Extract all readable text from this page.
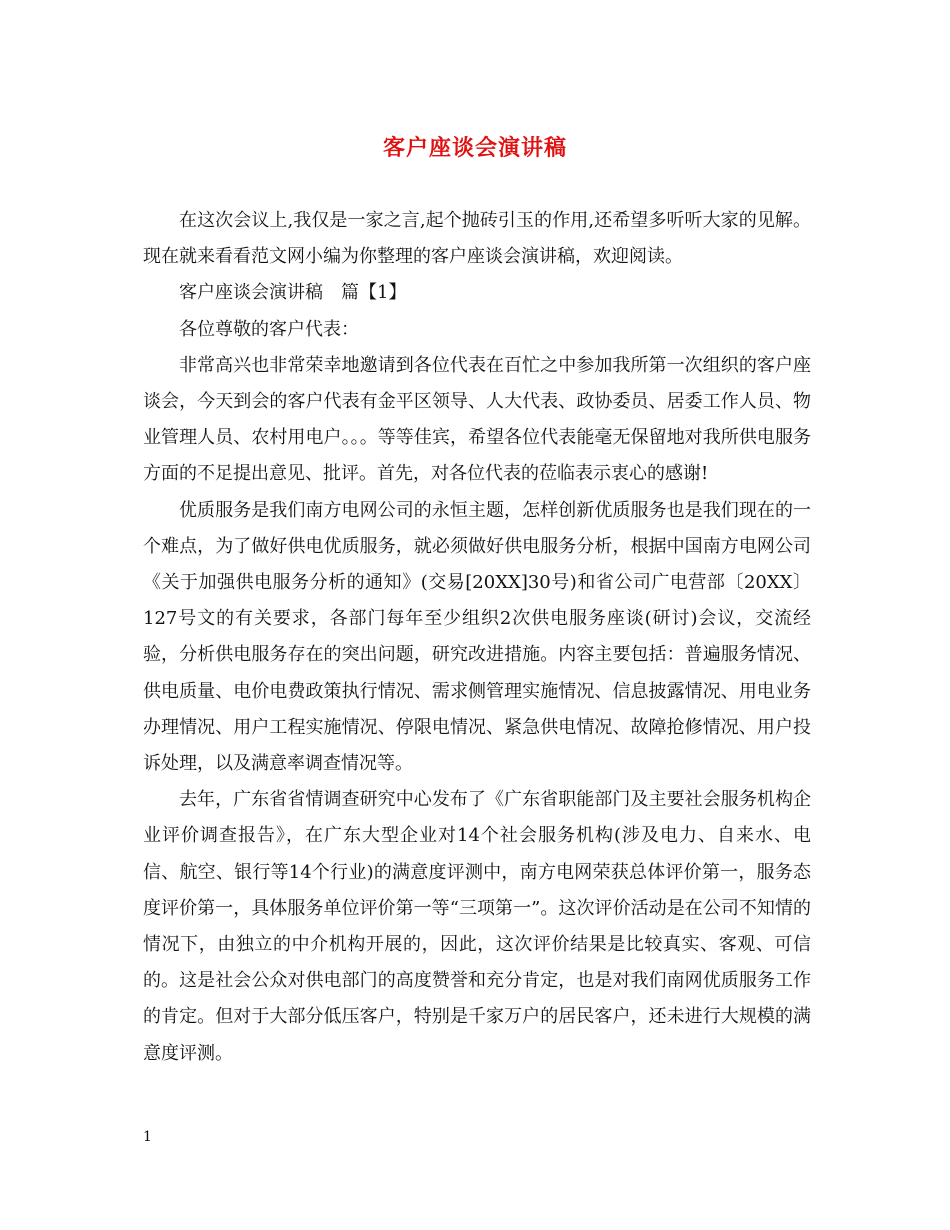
客户座谈会演讲稿

在这次会议上,我仅是一家之言,起个抛砖引玉的作用,还希望多听听大家的见解。现在就来看看范文网小编为你整理的客户座谈会演讲稿，欢迎阅读。

客户座谈会演讲稿　篇【1】

各位尊敬的客户代表：

非常高兴也非常荣幸地邀请到各位代表在百忙之中参加我所第一次组织的客户座谈会，今天到会的客户代表有金平区领导、人大代表、政协委员、居委工作人员、物业管理人员、农村用电户。。。等等佳宾，希望各位代表能毫无保留地对我所供电服务方面的不足提出意见、批评。首先，对各位代表的莅临表示衷心的感谢!

优质服务是我们南方电网公司的永恒主题，怎样创新优质服务也是我们现在的一个难点，为了做好供电优质服务，就必须做好供电服务分析，根据中国南方电网公司《关于加强供电服务分析的通知》(交易[20XX]30号)和省公司广电营部〔20XX〕127号文的有关要求，各部门每年至少组织2次供电服务座谈(研讨)会议，交流经验，分析供电服务存在的突出问题，研究改进措施。内容主要包括：普遍服务情况、供电质量、电价电费政策执行情况、需求侧管理实施情况、信息披露情况、用电业务办理情况、用户工程实施情况、停限电情况、紧急供电情况、故障抢修情况、用户投诉处理，以及满意率调查情况等。

去年，广东省省情调查研究中心发布了《广东省职能部门及主要社会服务机构企业评价调查报告》，在广东大型企业对14个社会服务机构(涉及电力、自来水、电信、航空、银行等14个行业)的满意度评测中，南方电网荣获总体评价第一，服务态度评价第一，具体服务单位评价第一等“三项第一”。这次评价活动是在公司不知情的情况下，由独立的中介机构开展的，因此，这次评价结果是比较真实、客观、可信的。这是社会公众对供电部门的高度赞誉和充分肯定，也是对我们南网优质服务工作的肯定。但对于大部分低压客户，特别是千家万户的居民客户，还未进行大规模的满意度评测。

1
